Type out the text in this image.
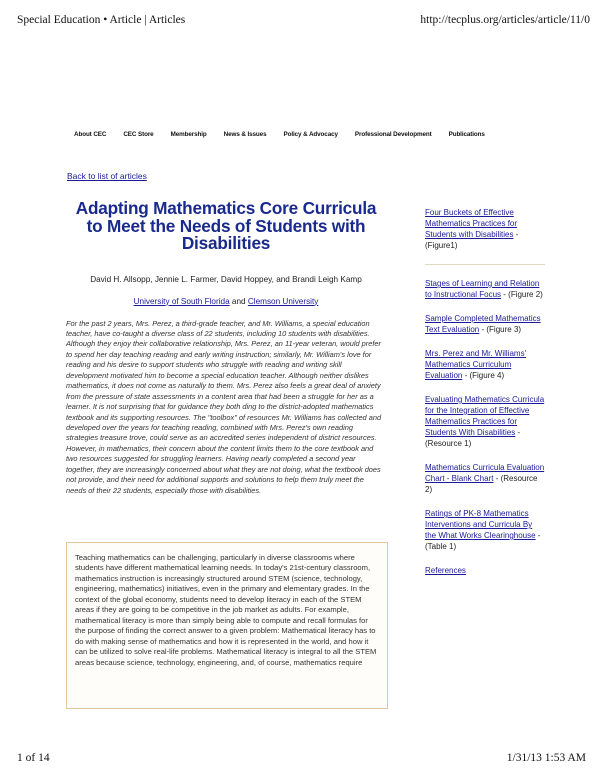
Special Education • Article | Articles	http://tecplus.org/articles/article/11/0
About CEC	CEC Store	Membership	News & Issues	Policy & Advocacy	Professional Development	Publications
Back to list of articles
Adapting Mathematics Core Curricula to Meet the Needs of Students with Disabilities
David H. Allsopp, Jennie L. Farmer, David Hoppey, and Brandi Leigh Kamp
University of South Florida and Clemson University

For the past 2 years, Mrs. Perez, a third-grade teacher, and Mr. Williams, a special education teacher, have co-taught a diverse class of 22 students, including 10 students with disabilities. Although they enjoy their collaborative relationship, Mrs. Perez, an 11-year veteran, would prefer to spend her day teaching reading and early writing instruction; similarly, Mr. William's love for reading and his desire to support students who struggle with reading and writing skill development motivated him to become a special education teacher. Although neither dislikes mathematics, it does not come as naturally to them. Mrs. Perez also feels a great deal of anxiety from the pressure of state assessments in a content area that had been a struggle for her as a learner. It is not surprising that for guidance they both ding to the district-adopted mathematics textbook and its supporting resources. The "toolbox" of resources Mr. Williams has collected and developed over the years for teaching reading, combined with Mrs. Perez's own reading strategies treasure trove, could serve as an accredited series independent of district resources. However, in mathematics, their concern about the content limits them to the core textbook and two resources suggested for struggling learners. Having nearly completed a second year together, they are increasingly concerned about what they are not doing, what the textbook does not provide, and their need for additional supports and solutions to help them truly meet the needs of their 22 students, especially those with disabilities.

Teaching mathematics can be challenging, particularly in diverse classrooms where students have different mathematical learning needs. In today's 21st-century classroom, mathematics instruction is increasingly structured around STEM (science, technology, engineering, mathematics) initiatives, even in the primary and elementary grades. In the context of the global economy, students need to develop literacy in each of the STEM areas if they are going to be competitive in the job market as adults. For example, mathematical literacy is more than simply being able to compute and recall formulas for the purpose of finding the correct answer to a given problem: Mathematical literacy has to do with making sense of mathematics and how it is represented in the world, and how it can be utilized to solve real-life problems. Mathematical literacy is integral to all the STEM areas because science, technology, engineering, and, of course, mathematics require

Four Buckets of Effective Mathematics Practices for Students with Disabilities - (Figure1)
Stages of Learning and Relation to Instructional Focus - (Figure 2)
Sample Completed Mathematics Text Evaluation - (Figure 3)
Mrs. Perez and Mr. Williams' Mathematics Curriculum Evaluation - (Figure 4)
Evaluating Mathematics Curricula for the Integration of Effective Mathematics Practices for Students With Disabilities - (Resource 1)
Mathematics Curricula Evaluation Chart - Blank Chart - (Resource 2)
Ratings of PK-8 Mathematics Interventions and Curricula By the What Works Clearinghouse - (Table 1)
References
1 of 14	1/31/13 1:53 AM
